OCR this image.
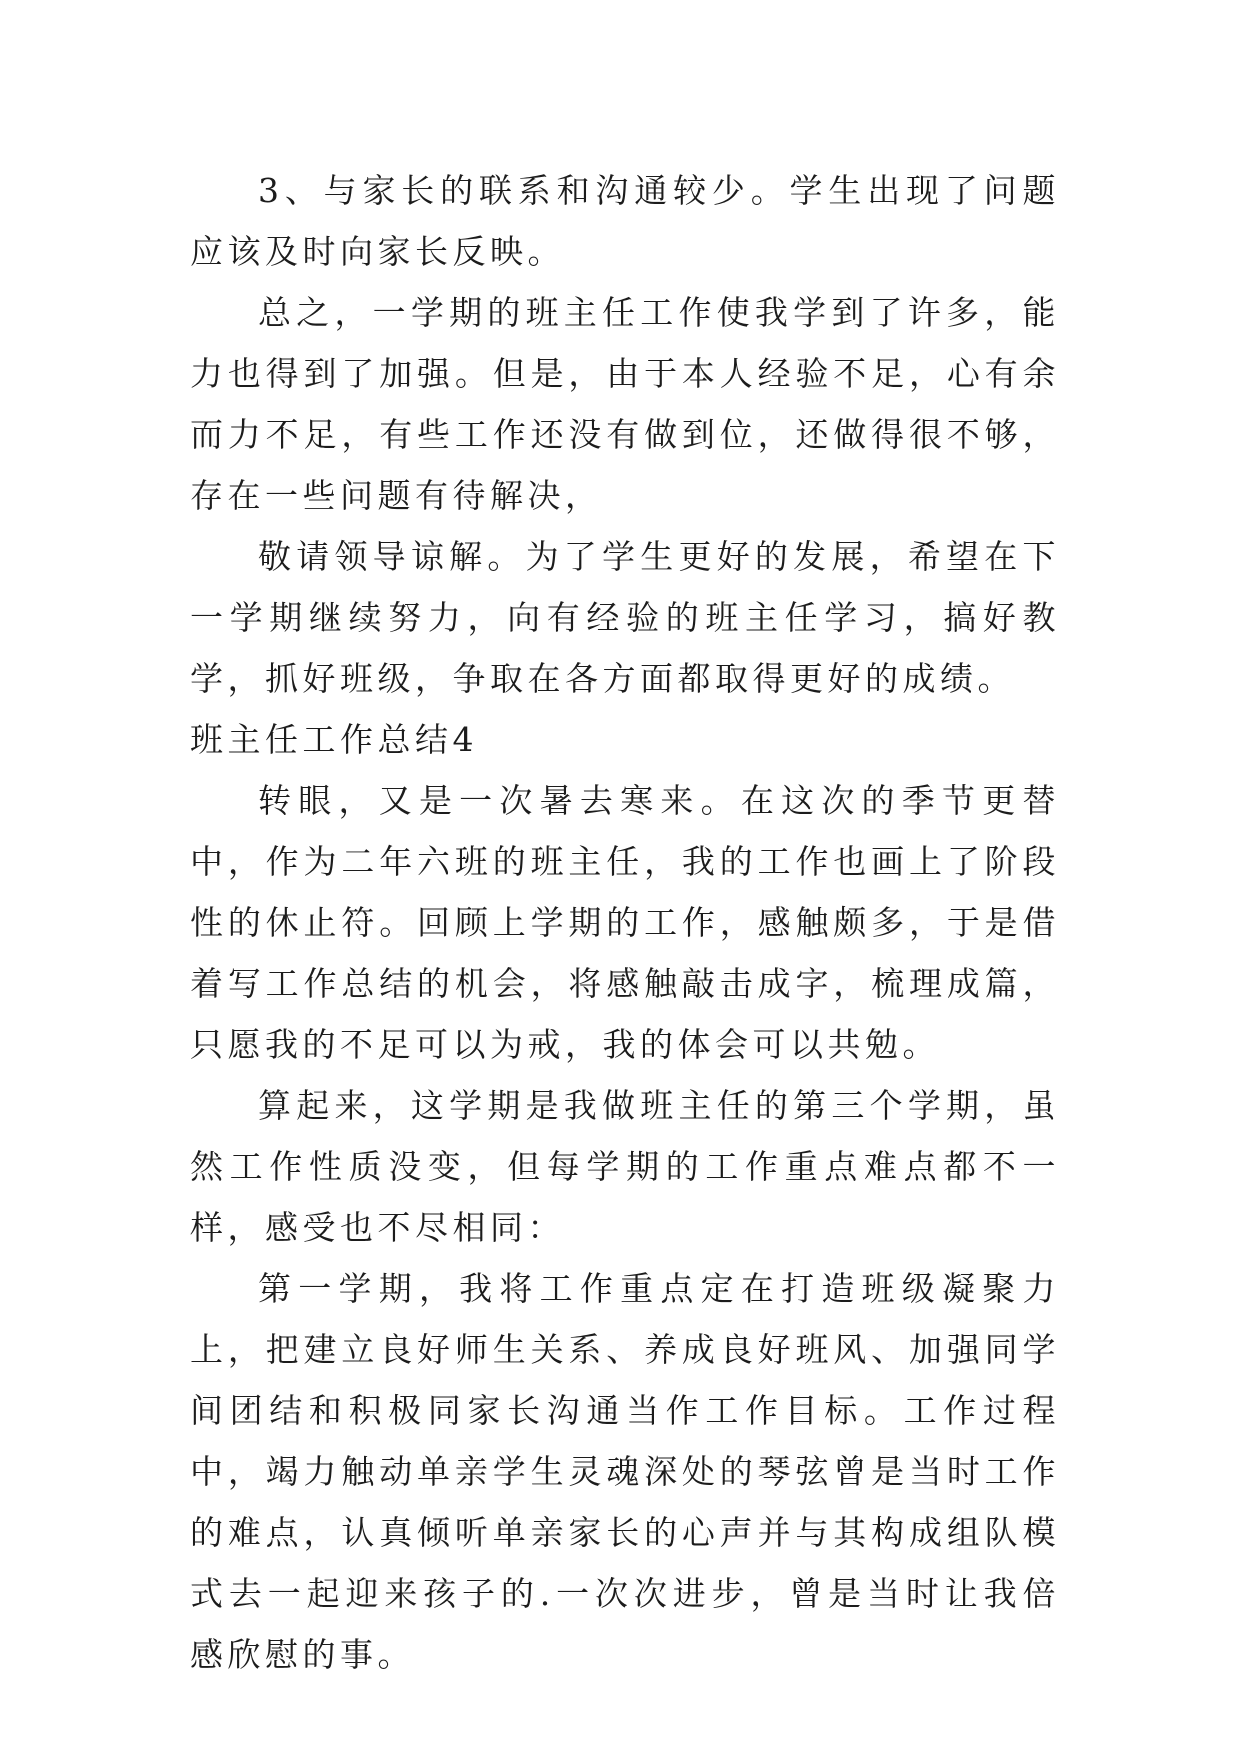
3、与家长的联系和沟通较少。学生出现了问题应该及时向家长反映。

总之，一学期的班主任工作使我学到了许多，能力也得到了加强。但是，由于本人经验不足，心有余而力不足，有些工作还没有做到位，还做得很不够，存在一些问题有待解决，

敬请领导谅解。为了学生更好的发展，希望在下一学期继续努力，向有经验的班主任学习，搞好教学，抓好班级，争取在各方面都取得更好的成绩。

班主任工作总结4

转眼，又是一次暑去寒来。在这次的季节更替中，作为二年六班的班主任，我的工作也画上了阶段性的休止符。回顾上学期的工作，感触颇多，于是借着写工作总结的机会，将感触敲击成字，梳理成篇，只愿我的不足可以为戒，我的体会可以共勉。

算起来，这学期是我做班主任的第三个学期，虽然工作性质没变，但每学期的工作重点难点都不一样，感受也不尽相同：

第一学期，我将工作重点定在打造班级凝聚力上，把建立良好师生关系、养成良好班风、加强同学间团结和积极同家长沟通当作工作目标。工作过程中，竭力触动单亲学生灵魂深处的琴弦曾是当时工作的难点，认真倾听单亲家长的心声并与其构成组队模式去一起迎来孩子的.一次次进步，曾是当时让我倍感欣慰的事。
